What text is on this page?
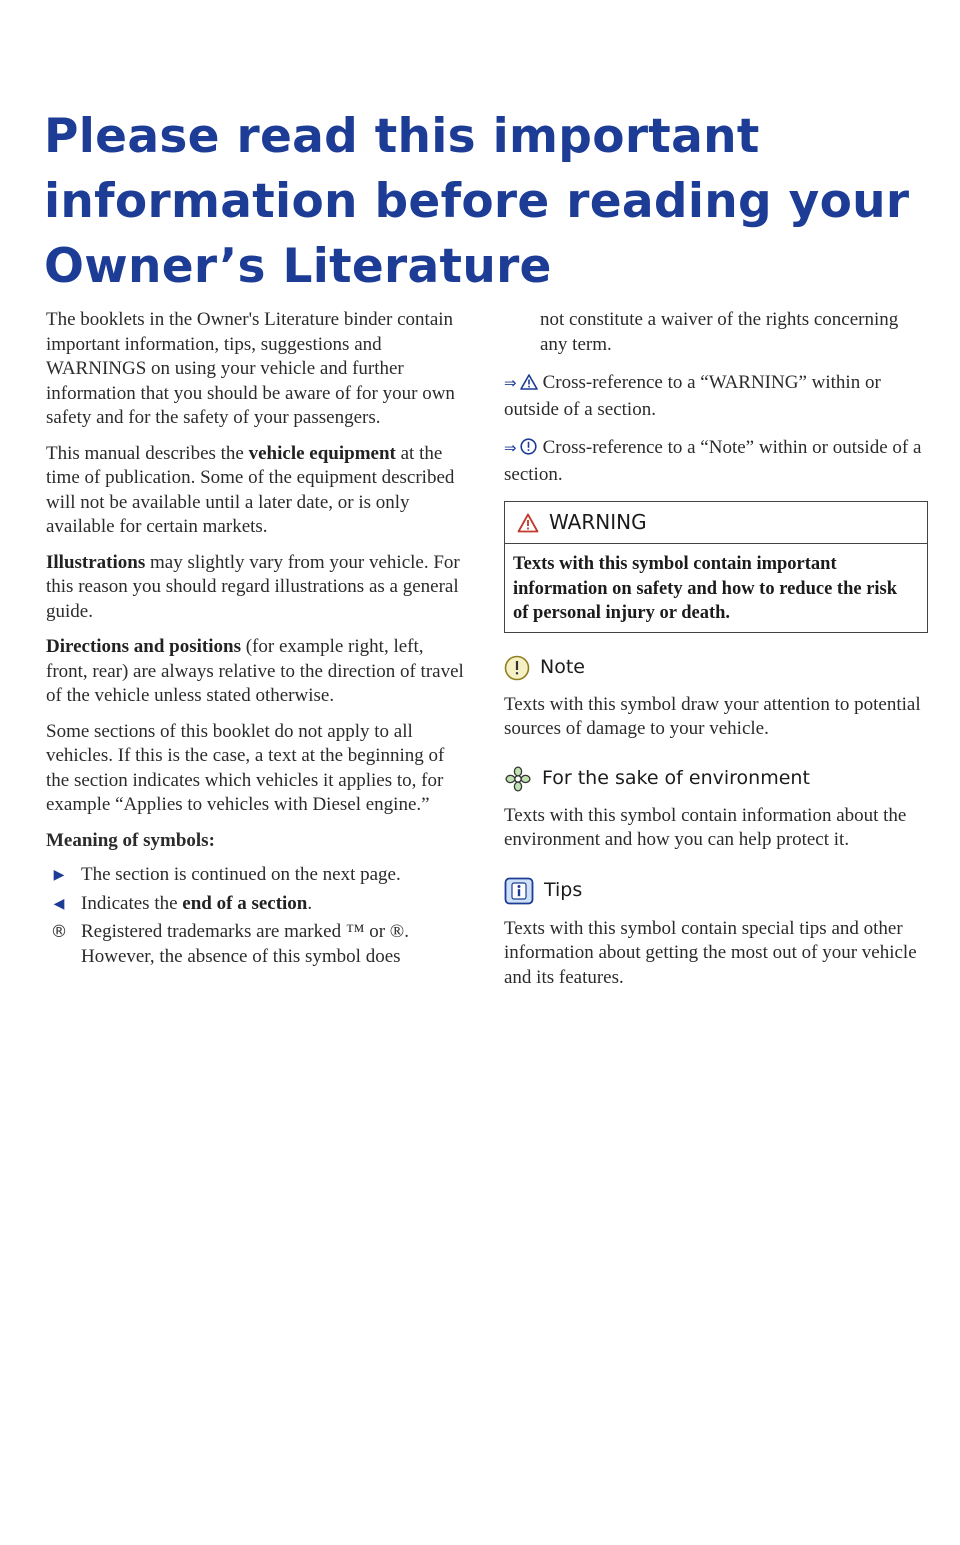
Please read this important information before reading your Owner’s Literature

The booklets in the Owner's Literature binder contain important information, tips, suggestions and WARNINGS on using your vehicle and further information that you should be aware of for your own safety and for the safety of your passengers.

This manual describes the vehicle equipment at the time of publication. Some of the equipment described will not be available until a later date, or is only available for certain markets.

Illustrations may slightly vary from your vehicle. For this reason you should regard illustrations as a general guide.

Directions and positions (for example right, left, front, rear) are always relative to the direction of travel of the vehicle unless stated otherwise.

Some sections of this booklet do not apply to all vehicles. If this is the case, a text at the beginning of the section indicates which vehicles it applies to, for example “Applies to vehicles with Diesel engine.”

Meaning of symbols:

▶ The section is continued on the next page.
◀ Indicates the end of a section.
® Registered trademarks are marked ™ or ®. However, the absence of this symbol does

not constitute a waiver of the rights concerning any term.

⇒ Cross-reference to a “WARNING” within or outside of a section.

⇒ Cross-reference to a “Note” within or outside of a section.

WARNING
Texts with this symbol contain important information on safety and how to reduce the risk of personal injury or death.
Note

Texts with this symbol draw your attention to potential sources of damage to your vehicle.

For the sake of environment

Texts with this symbol contain information about the environment and how you can help protect it.

Tips

Texts with this symbol contain special tips and other information about getting the most out of your vehicle and its features.
